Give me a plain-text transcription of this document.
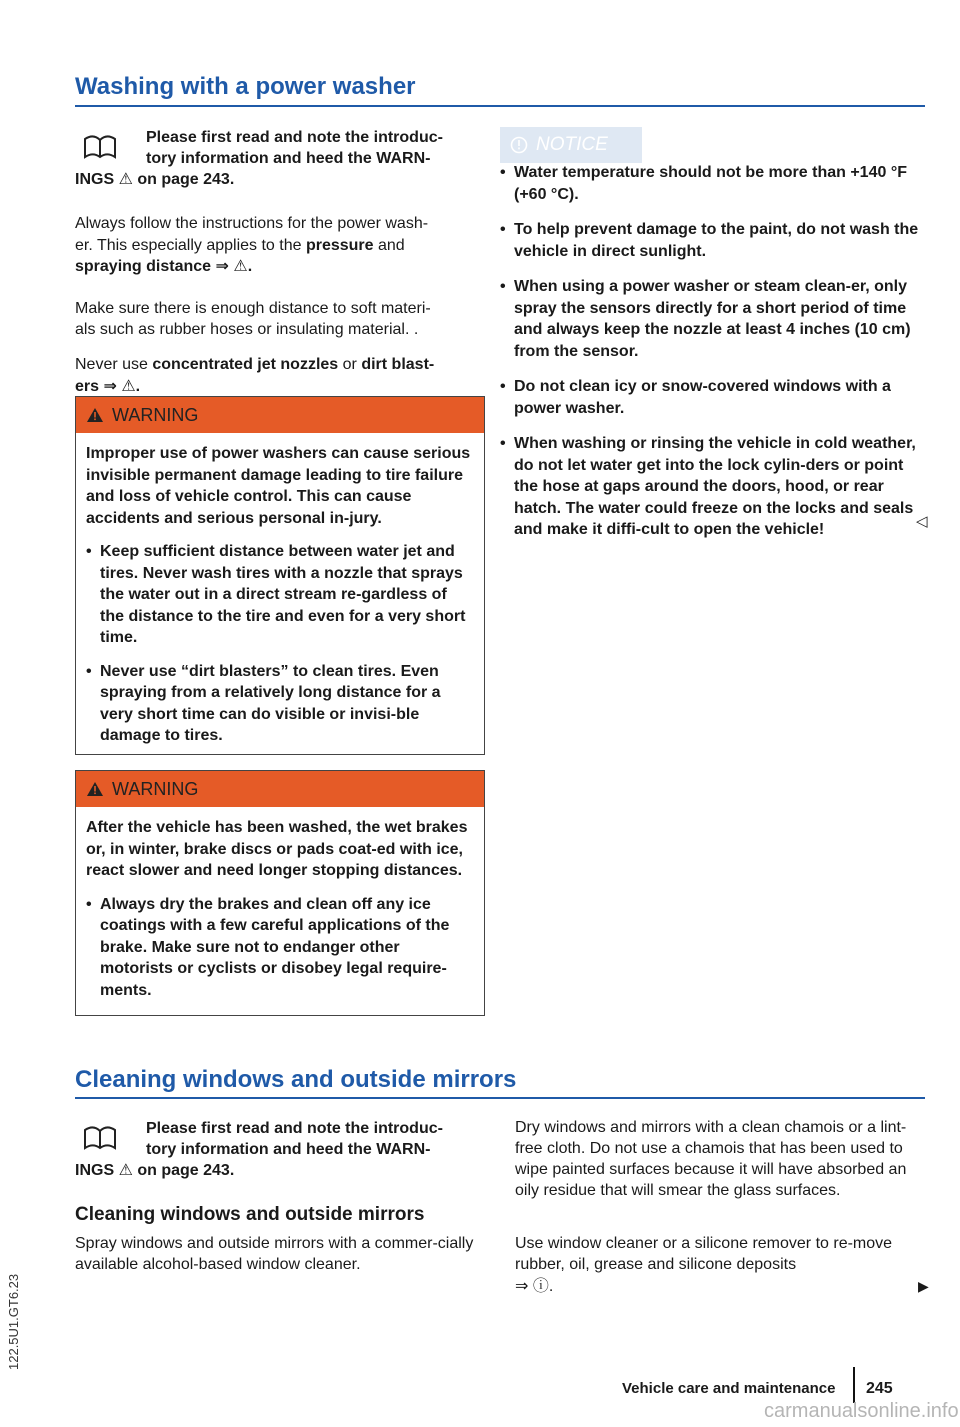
Washing with a power washer
Please first read and note the introduc-
tory information and heed the WARN-
INGS ⚠ on page 243.
Always follow the instructions for the power wash-
er. This especially applies to the pressure and
spraying distance ⇒ ⚠.
Make sure there is enough distance to soft materi-
als such as rubber hoses or insulating material. .
Never use concentrated jet nozzles or dirt blast-
ers ⇒ ⚠.
WARNING

Improper use of power washers can cause serious invisible permanent damage leading to tire failure and loss of vehicle control. This can cause accidents and serious personal in-jury.

• Keep sufficient distance between water jet and tires. Never wash tires with a nozzle that sprays the water out in a direct stream re-gardless of the distance to the tire and even for a very short time.

• Never use “dirt blasters” to clean tires. Even spraying from a relatively long distance for a very short time can do visible or invisi-ble damage to tires.

WARNING

After the vehicle has been washed, the wet brakes or, in winter, brake discs or pads coat-ed with ice, react slower and need longer stopping distances.

• Always dry the brakes and clean off any ice coatings with a few careful applications of the brake. Make sure not to endanger other motorists or cyclists or disobey legal require-ments.

NOTICE

• Water temperature should not be more than +140 °F (+60 °C).

• To help prevent damage to the paint, do not wash the vehicle in direct sunlight.

• When using a power washer or steam clean-er, only spray the sensors directly for a short period of time and always keep the nozzle at least 4 inches (10 cm) from the sensor.

• Do not clean icy or snow-covered windows with a power washer.

• When washing or rinsing the vehicle in cold weather, do not let water get into the lock cylin-ders or point the hose at gaps around the doors, hood, or rear hatch. The water could freeze on the locks and seals and make it diffi-cult to open the vehicle!	◁
Cleaning windows and outside mirrors
Please first read and note the introduc-
tory information and heed the WARN-
INGS ⚠ on page 243.
Cleaning windows and outside mirrors
Spray windows and outside mirrors with a commer-cially available alcohol-based window cleaner.
Dry windows and mirrors with a clean chamois or a lint-free cloth. Do not use a chamois that has been used to wipe painted surfaces because it will have absorbed an oily residue that will smear the glass surfaces.
Use window cleaner or a silicone remover to re-move rubber, oil, grease and silicone deposits
⇒ ⓘ.	▶
122.5U1.GT6.23
Vehicle care and maintenance 245
carmanualsonline.info
